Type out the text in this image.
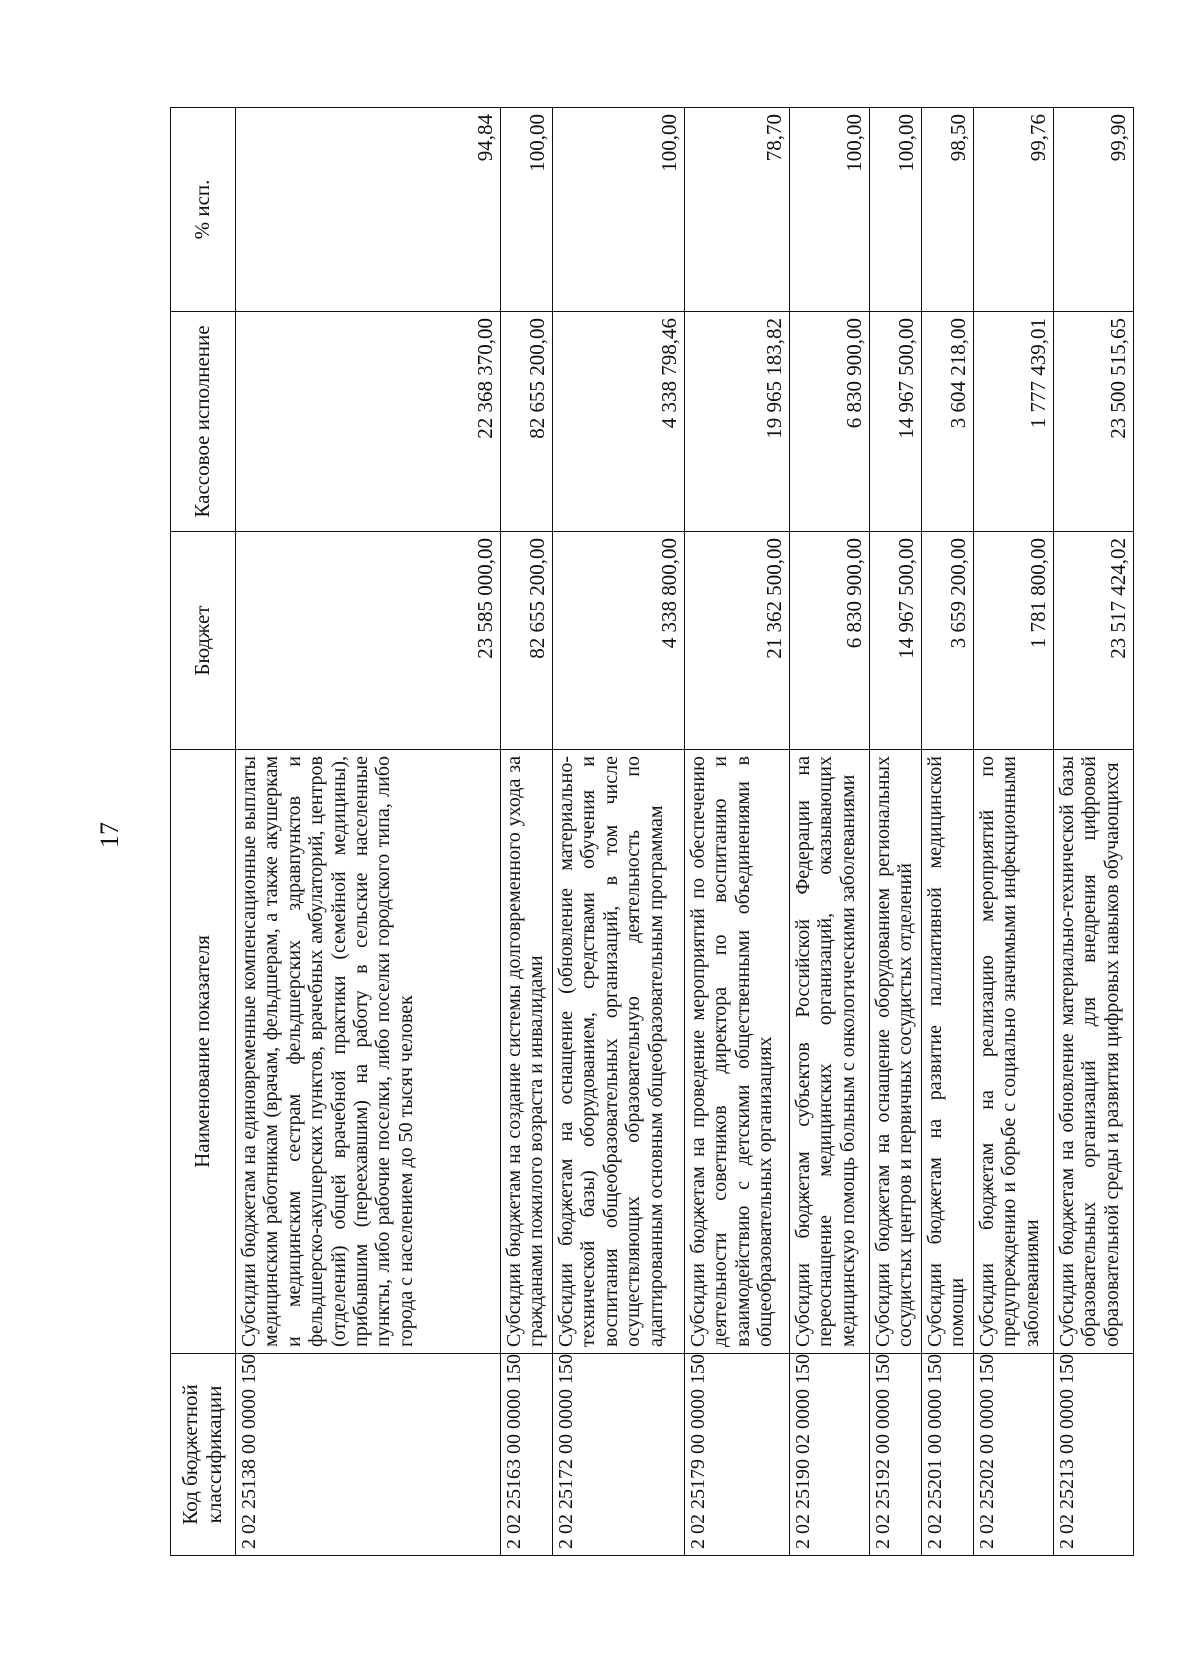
17
Код бюджетной классификации	Наименование показателя	Бюджет	Кассовое исполнение	% исп.
2 02 25138 00 0000 150	Субсидии бюджетам на единовременные компенсационные выплаты медицинским работникам (врачам, фельдшерам, а также акушеркам и медицинским сестрам фельдшерских здравпунктов и фельдшерско-акушерских пунктов, врачебных амбулаторий, центров (отделений) общей врачебной практики (семейной медицины), прибывшим (переехавшим) на работу в сельские населенные пункты, либо рабочие поселки, либо поселки городского типа, либо города с населением до 50 тысяч человек	23 585 000,00	22 368 370,00	94,84
2 02 25163 00 0000 150	Субсидии бюджетам на создание системы долговременного ухода за гражданами пожилого возраста и инвалидами	82 655 200,00	82 655 200,00	100,00
2 02 25172 00 0000 150	Субсидии бюджетам на оснащение (обновление материально-технической базы) оборудованием, средствами обучения и воспитания общеобразовательных организаций, в том числе осуществляющих образовательную деятельность по адаптированным основным общеобразовательным программам	4 338 800,00	4 338 798,46	100,00
2 02 25179 00 0000 150	Субсидии бюджетам на проведение мероприятий по обеспечению деятельности советников директора по воспитанию и взаимодействию с детскими общественными объединениями в общеобразовательных организациях	21 362 500,00	19 965 183,82	78,70
2 02 25190 02 0000 150	Субсидии бюджетам субъектов Российской Федерации на переоснащение медицинских организаций, оказывающих медицинскую помощь больным с онкологическими заболеваниями	6 830 900,00	6 830 900,00	100,00
2 02 25192 00 0000 150	Субсидии бюджетам на оснащение оборудованием региональных сосудистых центров и первичных сосудистых отделений	14 967 500,00	14 967 500,00	100,00
2 02 25201 00 0000 150	Субсидии бюджетам на развитие паллиативной медицинской помощи	3 659 200,00	3 604 218,00	98,50
2 02 25202 00 0000 150	Субсидии бюджетам на реализацию мероприятий по предупреждению и борьбе с социально значимыми инфекционными заболеваниями	1 781 800,00	1 777 439,01	99,76
2 02 25213 00 0000 150	Субсидии бюджетам на обновление материально-технической базы образовательных организаций для внедрения цифровой образовательной среды и развития цифровых навыков обучающихся	23 517 424,02	23 500 515,65	99,90
